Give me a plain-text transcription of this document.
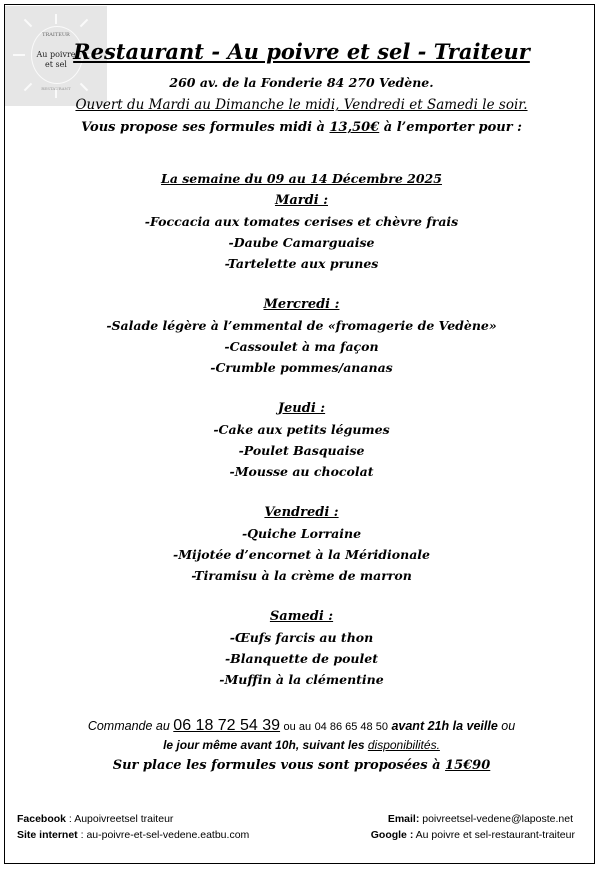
TRAITEUR
Au poivre
et sel
RESTAURANT
Restaurant - Au poivre et sel - Traiteur
260 av. de la Fonderie 84 270 Vedène.
Ouvert du Mardi au Dimanche le midi, Vendredi et Samedi le soir.
Vous propose ses formules midi à 13,50€ à l’emporter pour :
La semaine du 09 au 14 Décembre 2025
Mardi :
-Foccacia aux tomates cerises et chèvre frais
-Daube Camarguaise
-Tartelette aux prunes
Mercredi :
-Salade légère à l’emmental de «fromagerie de Vedène»
-Cassoulet à ma façon
-Crumble pommes/ananas
Jeudi :
-Cake aux petits légumes
-Poulet Basquaise
-Mousse au chocolat
Vendredi :
-Quiche Lorraine
-Mijotée d’encornet à la Méridionale
-Tiramisu à la crème de marron
Samedi :
-Œufs farcis au thon
-Blanquette de poulet
-Muffin à la clémentine
Commande au 06 18 72 54 39 ou au 04 86 65 48 50 avant 21h la veille ou
le jour même avant 10h, suivant les disponibilités.
Sur place les formules vous sont proposées à 15€90
Facebook : Aupoivreetsel traiteur
Site internet : au-poivre-et-sel-vedene.eatbu.com
Email: poivreetsel-vedene@laposte.net
Google : Au poivre et sel-restaurant-traiteur
